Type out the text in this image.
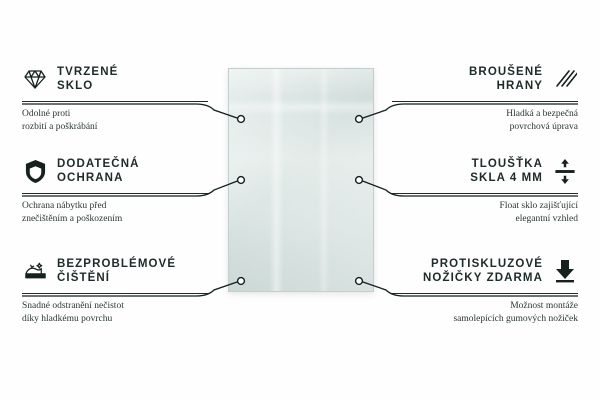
TVRZENÉ
SKLO
Odolné proti
rozbití a poškrábání
DODATEČNÁ
OCHRANA
Ochrana nábytku před
znečištěním a poškozením
BEZPROBLÉMOVÉ
ČIŠTĚNÍ
Snadné odstranění nečistot
díky hladkému povrchu
BROUŠENÉ
HRANY
Hladká a bezpečná
povrchová úprava
TLOUŠŤKA
SKLA 4 MM
Float sklo zajišťující
elegantní vzhled
PROTISKLUZOVÉ
NOŽIČKY ZDARMA
Možnost montáže
samolepících gumových nožiček
